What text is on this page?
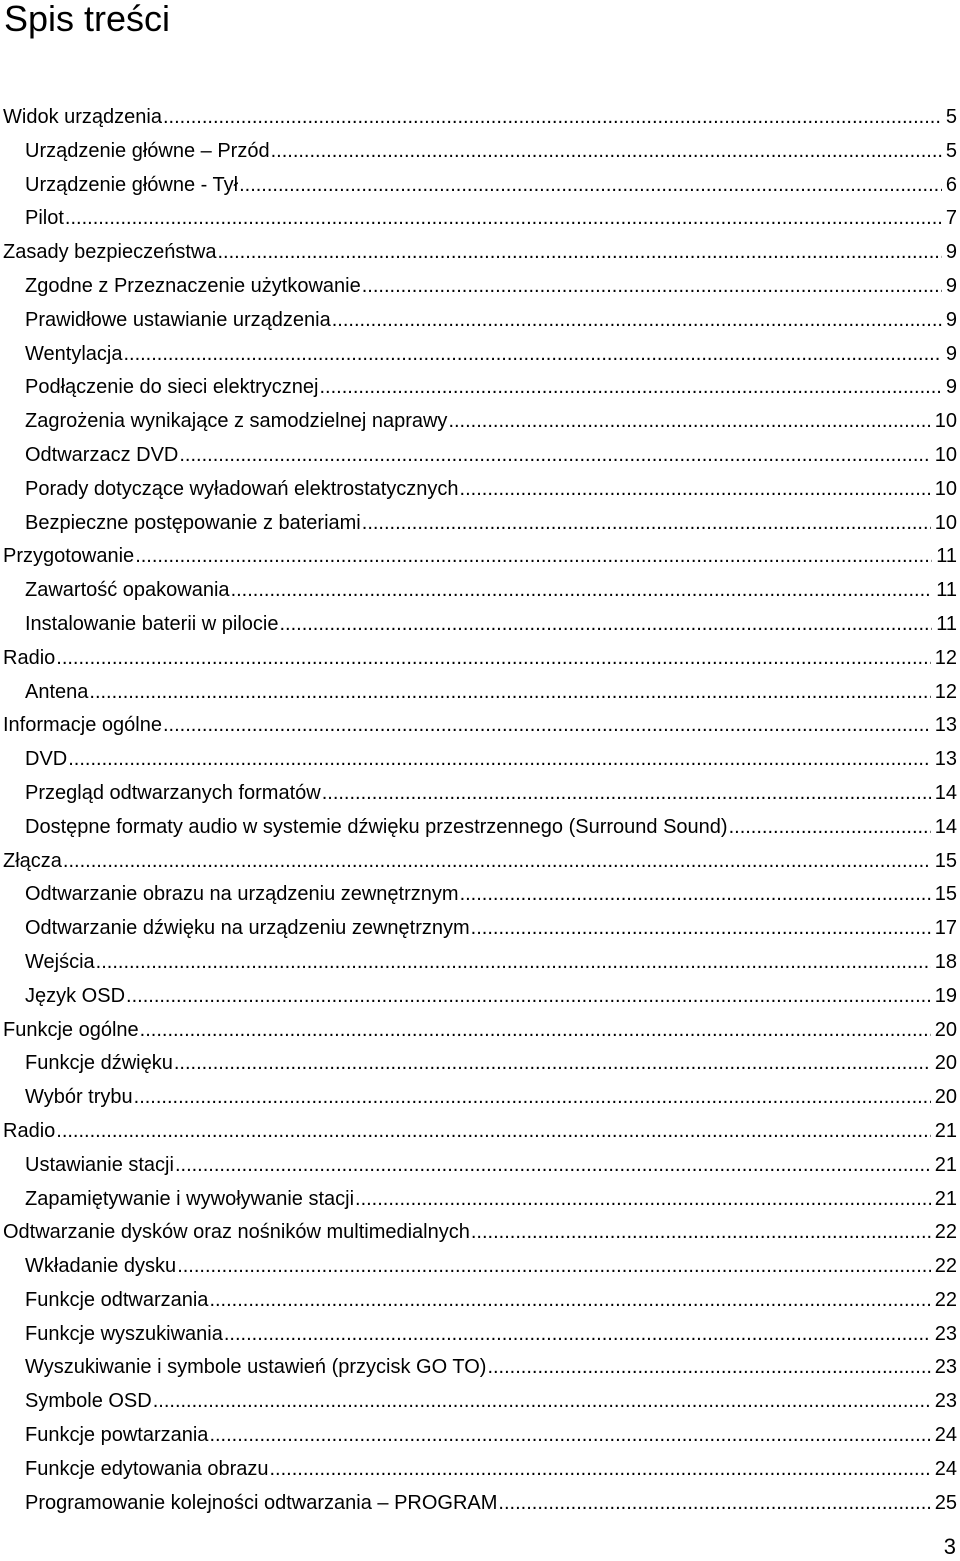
Spis treści
Widok urządzenia .....	5
Urządzenie główne – Przód .....	5
Urządzenie główne - Tył .....	6
Pilot .....	7
Zasady bezpieczeństwa .....	9
Zgodne z Przeznaczenie użytkowanie .....	9
Prawidłowe ustawianie urządzenia .....	9
Wentylacja .....	9
Podłączenie do sieci elektrycznej .....	9
Zagrożenia wynikające z samodzielnej naprawy .....	10
Odtwarzacz DVD .....	10
Porady dotyczące wyładowań elektrostatycznych .....	10
Bezpieczne postępowanie z bateriami .....	10
Przygotowanie .....	11
Zawartość opakowania .....	11
Instalowanie baterii w pilocie .....	11
Radio .....	12
Antena .....	12
Informacje ogólne .....	13
DVD .....	13
Przegląd odtwarzanych formatów .....	14
Dostępne formaty audio w systemie dźwięku przestrzennego (Surround Sound) .....	14
Złącza .....	15
Odtwarzanie obrazu na urządzeniu zewnętrznym .....	15
Odtwarzanie dźwięku na urządzeniu zewnętrznym .....	17
Wejścia .....	18
Język OSD .....	19
Funkcje ogólne .....	20
Funkcje dźwięku .....	20
Wybór trybu .....	20
Radio .....	21
Ustawianie stacji .....	21
Zapamiętywanie i wywoływanie stacji .....	21
Odtwarzanie dysków oraz nośników multimedialnych .....	22
Wkładanie dysku .....	22
Funkcje odtwarzania .....	22
Funkcje wyszukiwania .....	23
Wyszukiwanie i symbole ustawień (przycisk GO TO) .....	23
Symbole OSD .....	23
Funkcje powtarzania .....	24
Funkcje edytowania obrazu .....	24
Programowanie kolejności odtwarzania – PROGRAM .....	25
3
